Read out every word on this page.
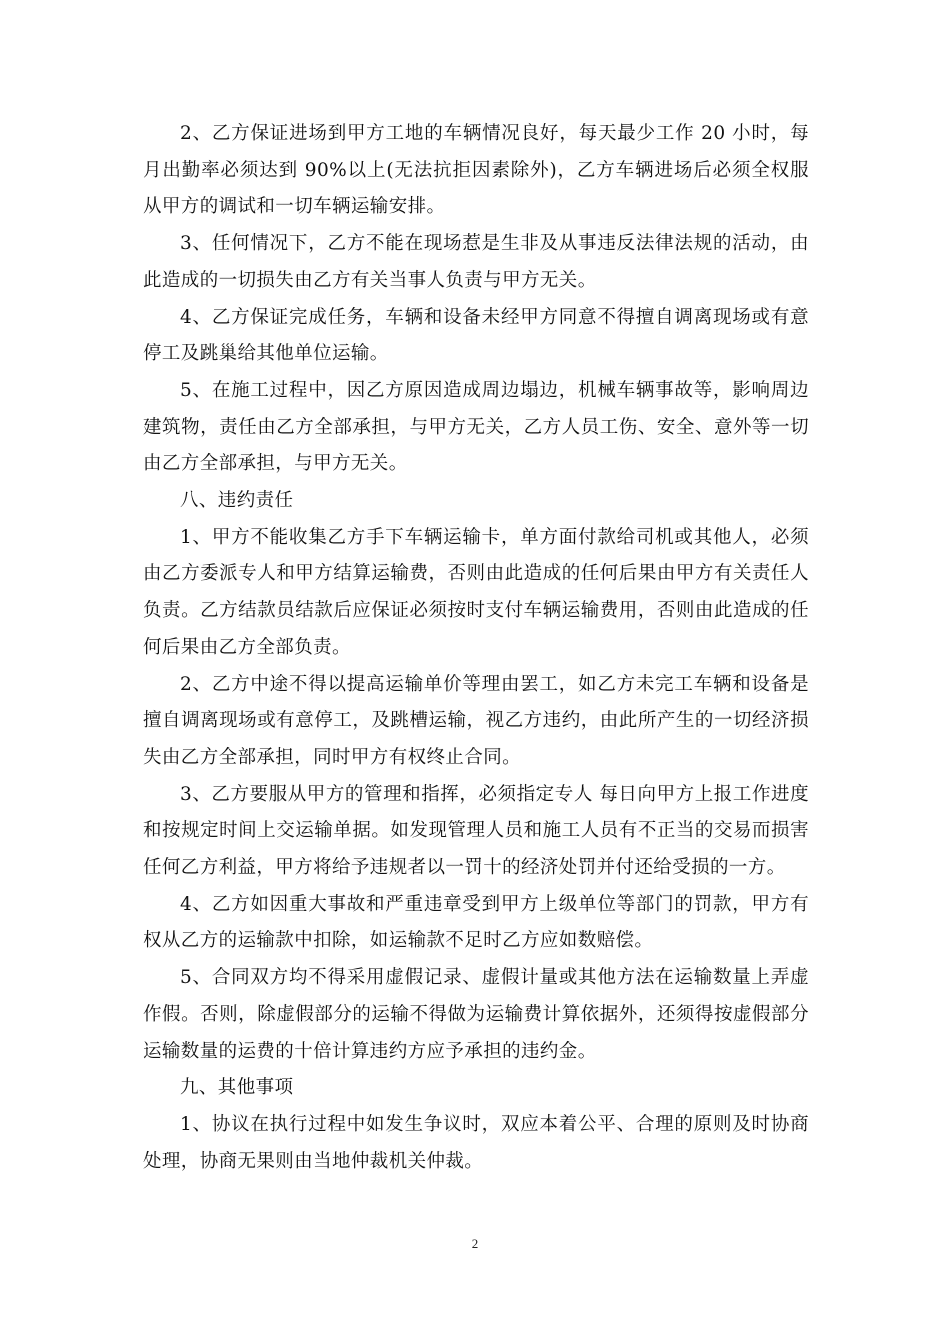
2、乙方保证进场到甲方工地的车辆情况良好，每天最少工作 20 小时，每月出勤率必须达到 90%以上(无法抗拒因素除外)，乙方车辆进场后必须全权服从甲方的调试和一切车辆运输安排。

3、任何情况下，乙方不能在现场惹是生非及从事违反法律法规的活动，由此造成的一切损失由乙方有关当事人负责与甲方无关。

4、乙方保证完成任务，车辆和设备未经甲方同意不得擅自调离现场或有意停工及跳巢给其他单位运输。

5、在施工过程中，因乙方原因造成周边塌边，机械车辆事故等，影响周边建筑物，责任由乙方全部承担，与甲方无关，乙方人员工伤、安全、意外等一切由乙方全部承担，与甲方无关。

八、违约责任

1、甲方不能收集乙方手下车辆运输卡，单方面付款给司机或其他人，必须由乙方委派专人和甲方结算运输费，否则由此造成的任何后果由甲方有关责任人负责。乙方结款员结款后应保证必须按时支付车辆运输费用，否则由此造成的任何后果由乙方全部负责。

2、乙方中途不得以提高运输单价等理由罢工，如乙方未完工车辆和设备是擅自调离现场或有意停工，及跳槽运输，视乙方违约，由此所产生的一切经济损失由乙方全部承担，同时甲方有权终止合同。

3、乙方要服从甲方的管理和指挥，必须指定专人 每日向甲方上报工作进度和按规定时间上交运输单据。如发现管理人员和施工人员有不正当的交易而损害任何乙方利益，甲方将给予违规者以一罚十的经济处罚并付还给受损的一方。

4、乙方如因重大事故和严重违章受到甲方上级单位等部门的罚款，甲方有权从乙方的运输款中扣除，如运输款不足时乙方应如数赔偿。

5、合同双方均不得采用虚假记录、虚假计量或其他方法在运输数量上弄虚作假。否则，除虚假部分的运输不得做为运输费计算依据外，还须得按虚假部分运输数量的运费的十倍计算违约方应予承担的违约金。

九、其他事项

1、协议在执行过程中如发生争议时，双应本着公平、合理的原则及时协商处理，协商无果则由当地仲裁机关仲裁。

2
